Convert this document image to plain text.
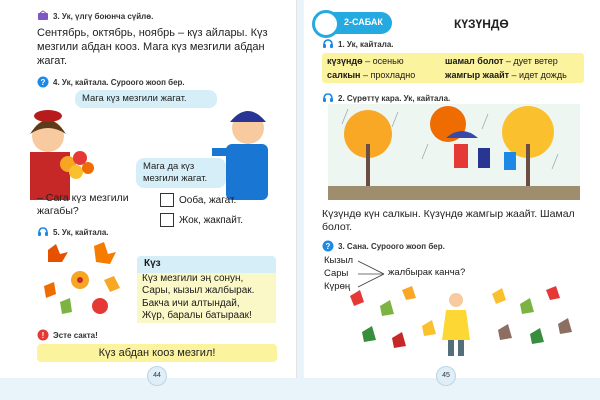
3. Ук, үлгү боюнча сүйлө.
Сентябрь, октябрь, ноябрь – күз айлары. Күз мезгили абдан кооз. Мага күз мезгили абдан жагат.
? 4. Ук, кайтала. Суроого жооп бер.
Мага күз мезгили жагат.
Мага да күз мезгили жагат.
– Сага күз мезгили жагабы?
Ооба, жагат.
Жок, жакпайт.
5. Ук, кайтала.
Күз
Күз мезгили эң сонун,
Сары, кызыл жалбырак.
Бакча ичи алтындай,
Жүр, баралы батыраак!
! Эсте сакта!
Күз абдан кооз мезгил!
44
2-САБАК	КҮЗҮНДӨ
1. Ук, кайтала.
күзүндө – осенью
салкын – прохладно
шамал болот – дует ветер
жамгыр жаайт – идет дождь
2. Сүрөттү кара. Ук, кайтала.
Күзүндө күн салкын. Күзүндө жамгыр жаайт. Шамал болот.
? 3. Сана. Суроого жооп бер.
Кызыл
Сары
Күрөң
жалбырак канча?
45
